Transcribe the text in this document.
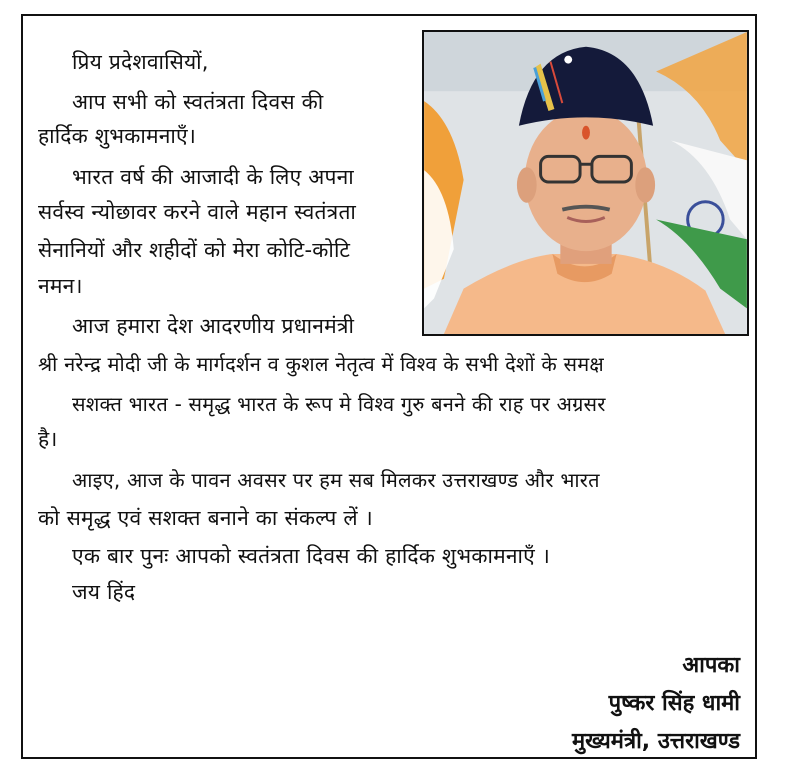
प्रिय प्रदेशवासियों,
आप सभी को स्वतंत्रता दिवस की
हार्दिक शुभकामनाएँ।
भारत वर्ष की आजादी के लिए अपना
सर्वस्व न्योछावर करने वाले महान स्वतंत्रता
सेनानियों और शहीदों को मेरा कोटि-कोटि
नमन।
आज हमारा देश आदरणीय प्रधानमंत्री
श्री नरेन्द्र मोदी जी के मार्गदर्शन व कुशल नेतृत्व में विश्व के सभी देशों के समक्ष
सशक्त भारत - समृद्ध भारत के रूप मे विश्व गुरु बनने की राह पर अग्रसर
है।
आइए, आज के पावन अवसर पर हम सब मिलकर उत्तराखण्ड और भारत
को समृद्ध एवं सशक्त बनाने का संकल्प लें ।
एक बार पुनः आपको स्वतंत्रता दिवस की हार्दिक शुभकामनाएँ ।
जय हिंद
आपका
पुष्कर सिंह धामी
मुख्यमंत्री, उत्तराखण्ड
